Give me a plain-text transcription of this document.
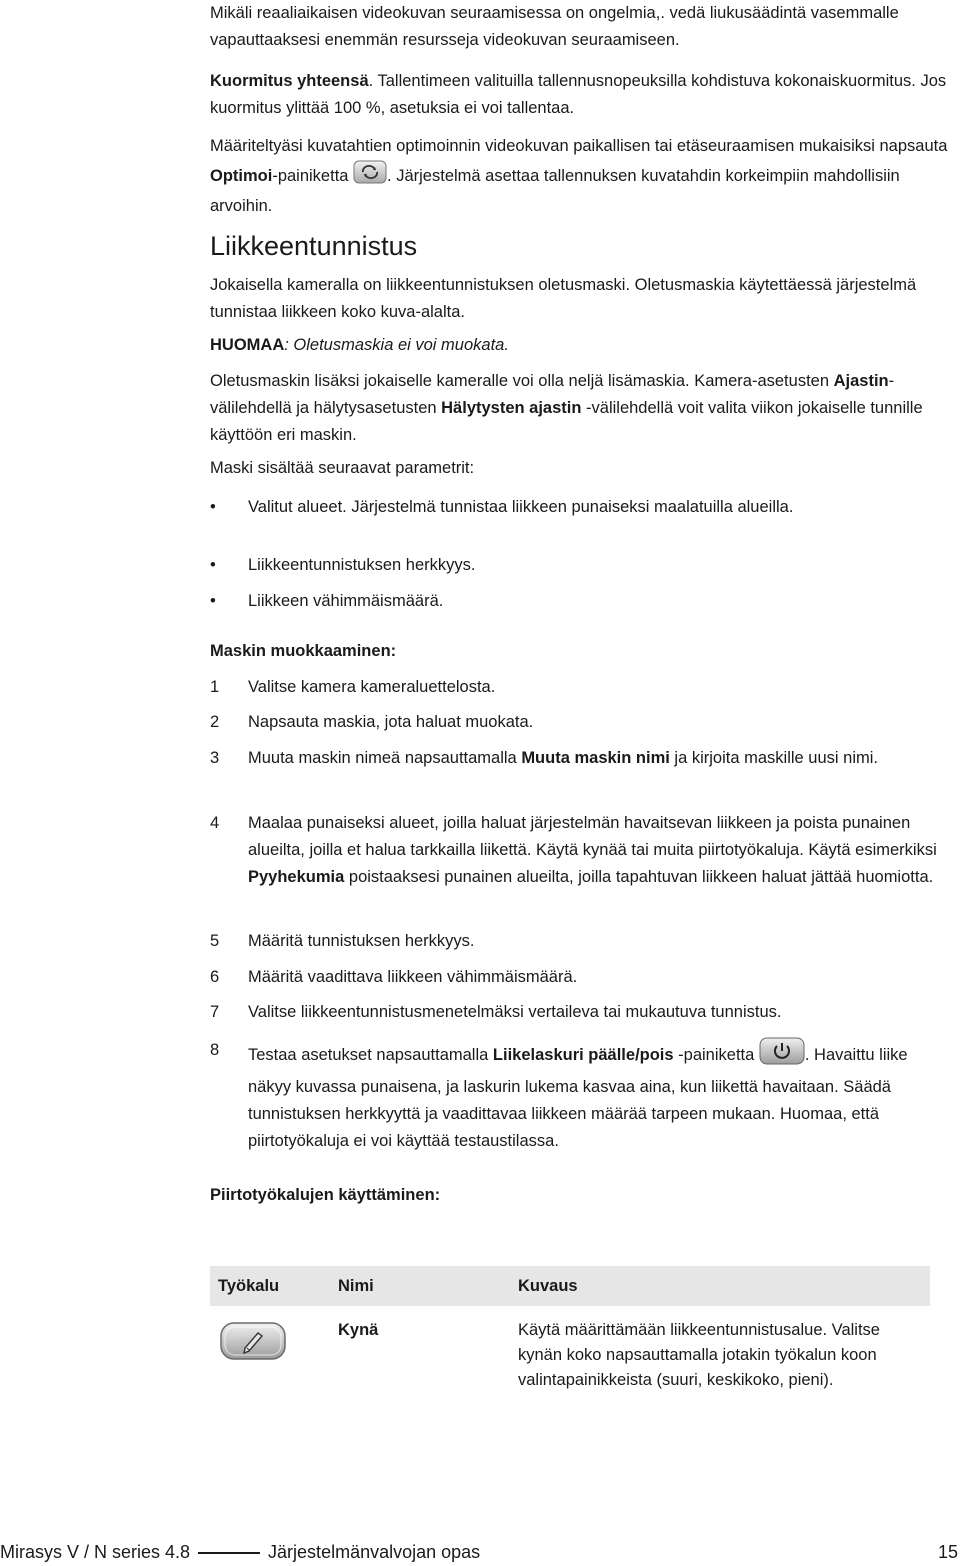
Mikäli reaaliaikaisen videokuvan seuraamisessa on ongelmia,. vedä liukusäädintä vasemmalle vapauttaaksesi enemmän resursseja videokuvan seuraamiseen.

Kuormitus yhteensä. Tallentimeen valituilla tallennusnopeuksilla kohdistuva kokonaiskuormitus. Jos kuormitus ylittää 100 %, asetuksia ei voi tallentaa.

Määriteltyäsi kuvatahtien optimoinnin videokuvan paikallisen tai etäseuraamisen mukaisiksi napsauta Optimoi-painiketta . Järjestelmä asettaa tallennuksen kuvatahdin korkeimpiin mahdollisiin arvoihin.

Liikkeentunnistus

Jokaisella kameralla on liikkeentunnistuksen oletusmaski. Oletusmaskia käytettäessä järjestelmä tunnistaa liikkeen koko kuva-alalta.

HUOMAA: Oletusmaskia ei voi muokata.

Oletusmaskin lisäksi jokaiselle kameralle voi olla neljä lisämaskia. Kamera-asetusten Ajastin-välilehdellä ja hälytysasetusten Hälytysten ajastin -välilehdellä voit valita viikon jokaiselle tunnille käyttöön eri maskin.

Maski sisältää seuraavat parametrit:

• Valitut alueet. Järjestelmä tunnistaa liikkeen punaiseksi maalatuilla alueilla.
• Liikkeentunnistuksen herkkyys.
• Liikkeen vähimmäismäärä.

Maskin muokkaaminen:

1 Valitse kamera kameraluettelosta.
2 Napsauta maskia, jota haluat muokata.
3 Muuta maskin nimeä napsauttamalla Muuta maskin nimi ja kirjoita maskille uusi nimi.
4 Maalaa punaiseksi alueet, joilla haluat järjestelmän havaitsevan liikkeen ja poista punainen alueilta, joilla et halua tarkkailla liikettä. Käytä kynää tai muita piirtotyökaluja. Käytä esimerkiksi Pyyhekumia poistaaksesi punainen alueilta, joilla tapahtuvan liikkeen haluat jättää huomiotta.
5 Määritä tunnistuksen herkkyys.
6 Määritä vaadittava liikkeen vähimmäismäärä.
7 Valitse liikkeentunnistusmenetelmäksi vertaileva tai mukautuva tunnistus.
8 Testaa asetukset napsauttamalla Liikelaskuri päälle/pois -painiketta	. Havaittu liike näkyy kuvassa punaisena, ja laskurin lukema kasvaa aina, kun liikettä havaitaan. Säädä tunnistuksen herkkyyttä ja vaadittavaa liikkeen määrää tarpeen mukaan. Huomaa, että piirtotyökaluja ei voi käyttää testaustilassa.

Piirtotyökalujen käyttäminen:

Työkalu	Nimi	Kuvaus
	Kynä	Käytä määrittämään liikkeentunnistusalue. Valitse kynän koko napsauttamalla jotakin työkalun koon valintapainikkeista (suuri, keskikoko, pieni).
Mirasys V / N series 4.8	Järjestelmänvalvojan opas	15
